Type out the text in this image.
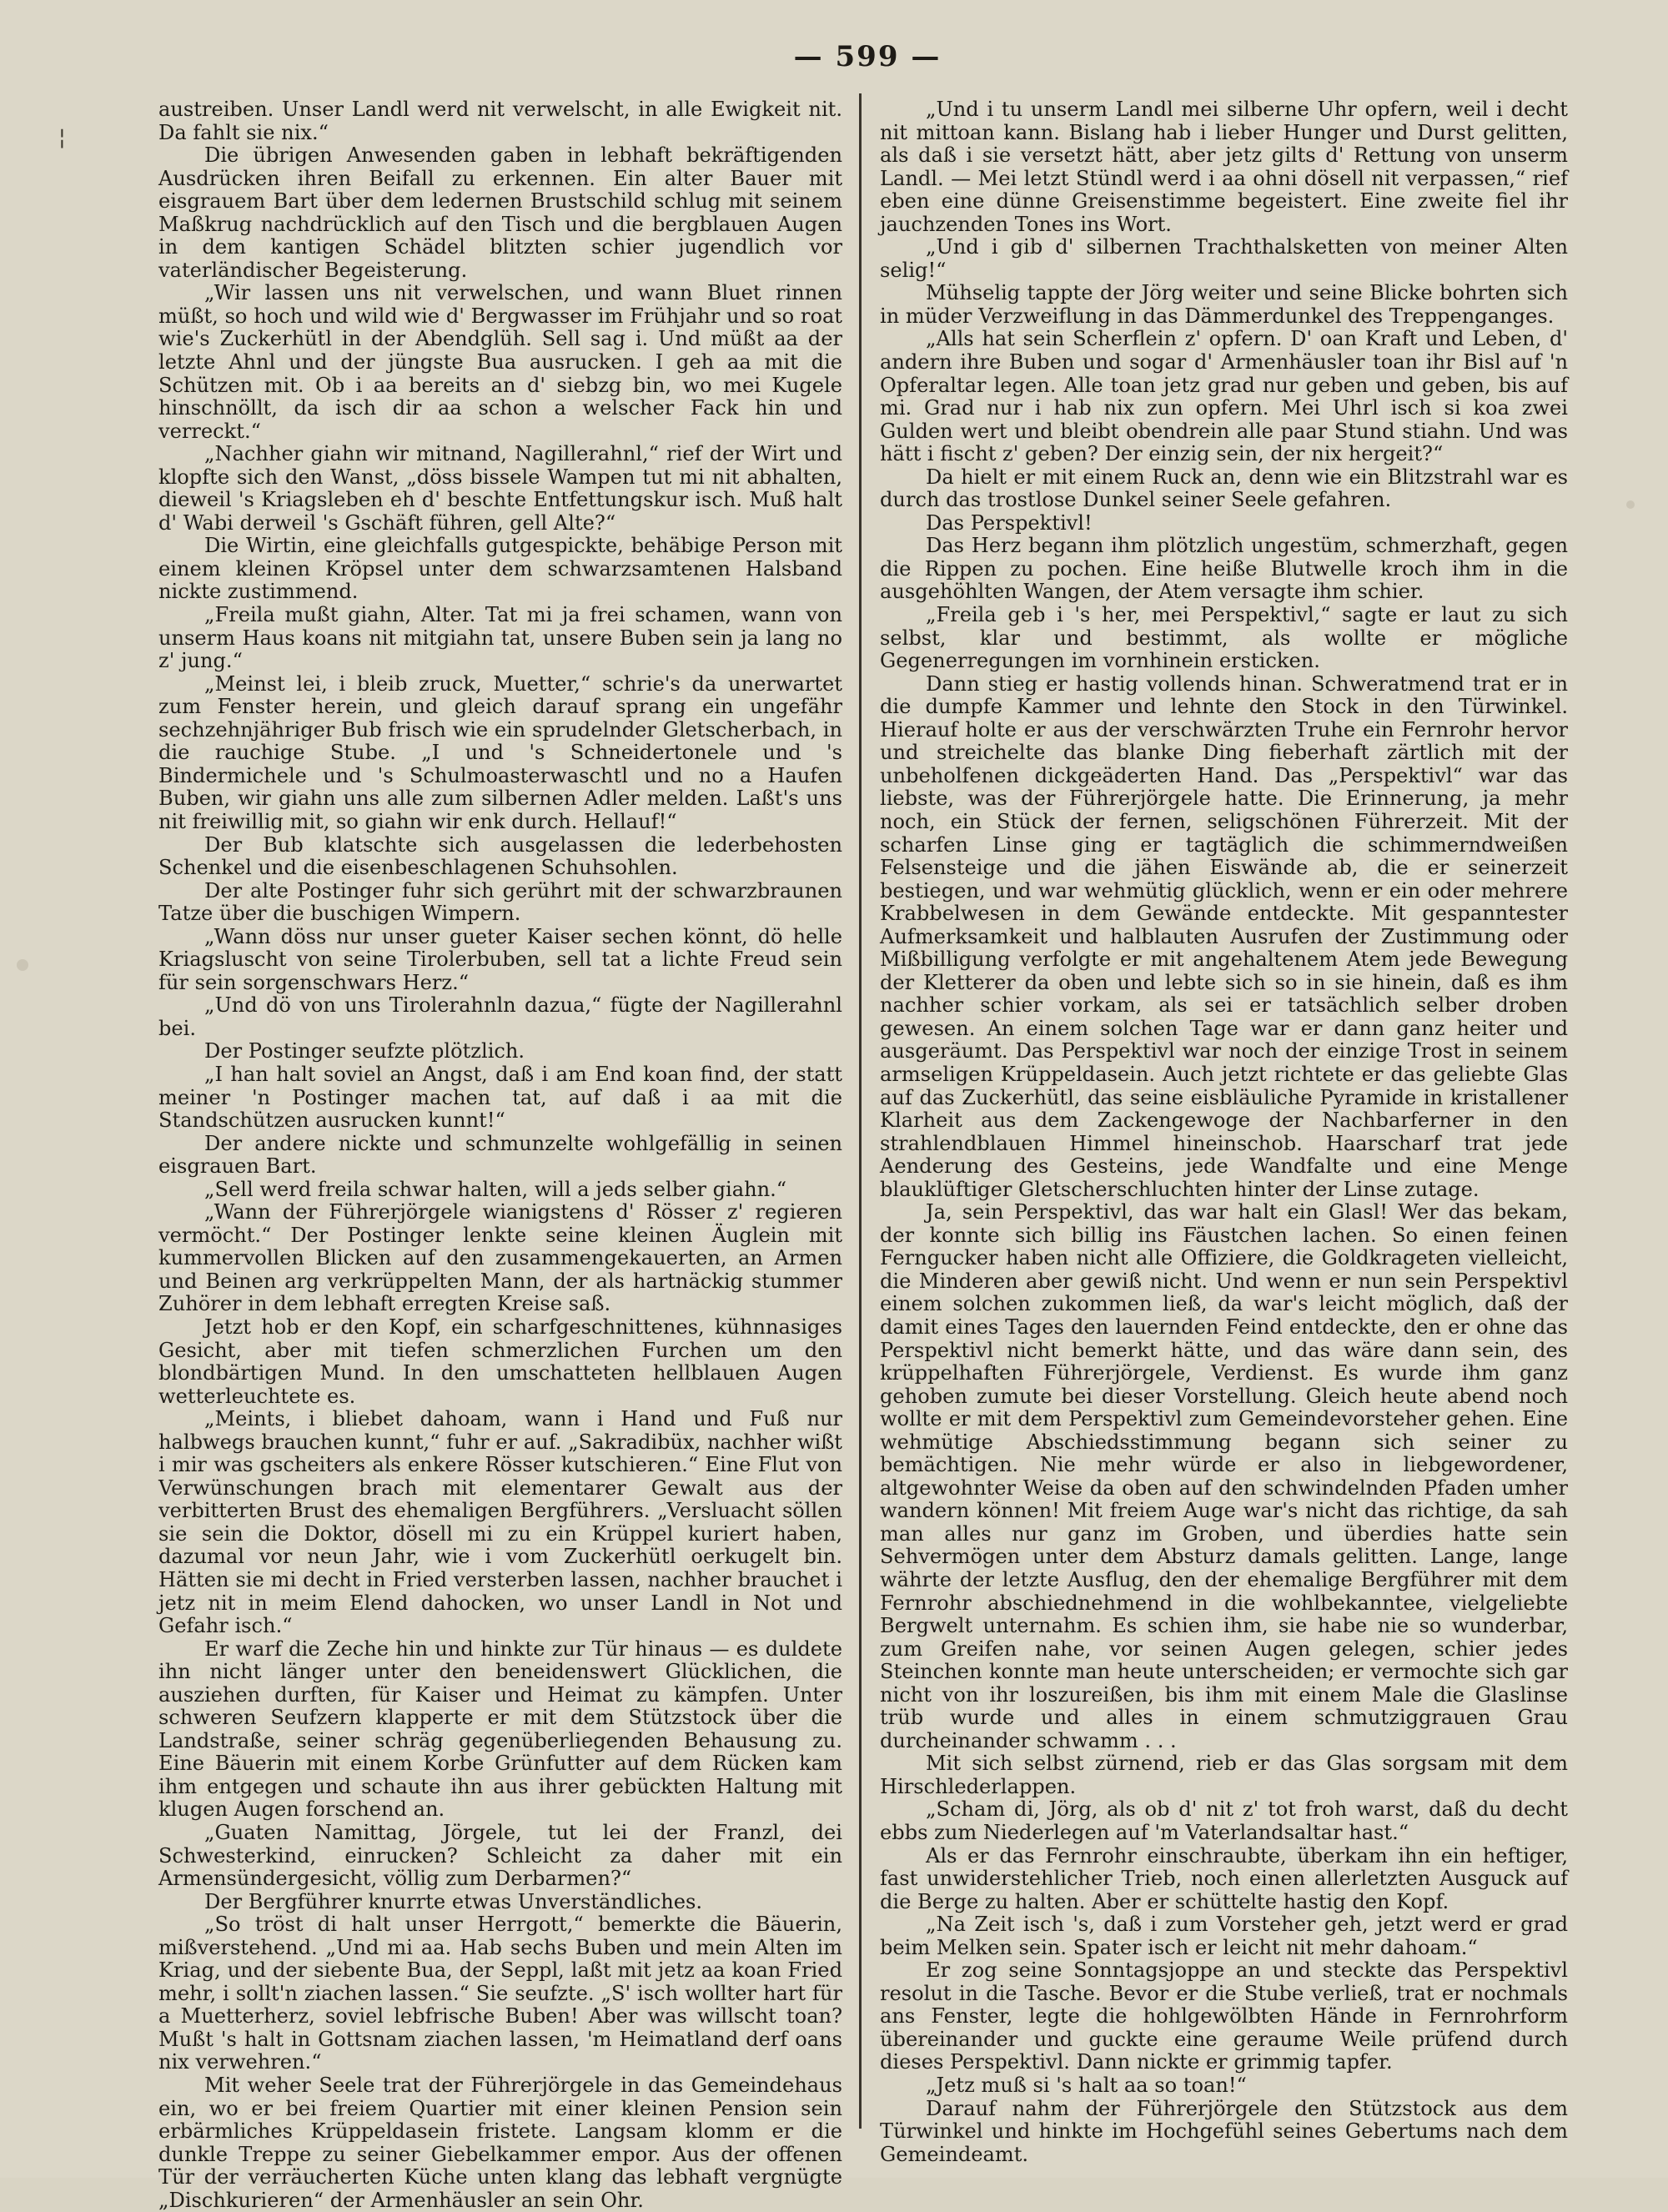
— 599 —
¦

austreiben. Unser Landl werd nit verwelscht, in alle Ewigkeit nit. Da fahlt sie nix.“

Die übrigen Anwesenden gaben in lebhaft bekräftigenden Ausdrücken ihren Beifall zu erkennen. Ein alter Bauer mit eisgrauem Bart über dem ledernen Brustschild schlug mit seinem Maßkrug nachdrücklich auf den Tisch und die bergblauen Augen in dem kantigen Schädel blitzten schier jugendlich vor vaterländischer Begeisterung.

„Wir lassen uns nit verwelschen, und wann Bluet rinnen müßt, so hoch und wild wie d' Bergwasser im Frühjahr und so roat wie's Zuckerhütl in der Abendglüh. Sell sag i. Und müßt aa der letzte Ahnl und der jüngste Bua ausrucken. I geh aa mit die Schützen mit. Ob i aa bereits an d' siebzg bin, wo mei Kugele hinschnöllt, da isch dir aa schon a welscher Fack hin und verreckt.“

„Nachher giahn wir mitnand, Nagillerahnl,“ rief der Wirt und klopfte sich den Wanst, „döss bissele Wampen tut mi nit abhalten, dieweil 's Kriagsleben eh d' beschte Entfettungskur isch. Muß halt d' Wabi derweil 's Gschäft führen, gell Alte?“

Die Wirtin, eine gleichfalls gutgespickte, behäbige Person mit einem kleinen Kröpsel unter dem schwarzsamtenen Halsband nickte zustimmend.

„Freila mußt giahn, Alter. Tat mi ja frei schamen, wann von unserm Haus koans nit mitgiahn tat, unsere Buben sein ja lang no z' jung.“

„Meinst lei, i bleib zruck, Muetter,“ schrie's da unerwartet zum Fenster herein, und gleich darauf sprang ein ungefähr sechzehnjähriger Bub frisch wie ein sprudelnder Gletscherbach, in die rauchige Stube. „I und 's Schneidertonele und 's Bindermichele und 's Schulmoasterwaschtl und no a Haufen Buben, wir giahn uns alle zum silbernen Adler melden. Laßt's uns nit freiwillig mit, so giahn wir enk durch. Hellauf!“

Der Bub klatschte sich ausgelassen die lederbehosten Schenkel und die eisenbeschlagenen Schuhsohlen.

Der alte Postinger fuhr sich gerührt mit der schwarzbraunen Tatze über die buschigen Wimpern.

„Wann döss nur unser gueter Kaiser sechen könnt, dö helle Kriagsluscht von seine Tirolerbuben, sell tat a lichte Freud sein für sein sorgenschwars Herz.“

„Und dö von uns Tirolerahnln dazua,“ fügte der Nagillerahnl bei.

Der Postinger seufzte plötzlich.

„I han halt soviel an Angst, daß i am End koan find, der statt meiner 'n Postinger machen tat, auf daß i aa mit die Standschützen ausrucken kunnt!“

Der andere nickte und schmunzelte wohlgefällig in seinen eisgrauen Bart.

„Sell werd freila schwar halten, will a jeds selber giahn.“

„Wann der Führerjörgele wianigstens d' Rösser z' regieren vermöcht.“ Der Postinger lenkte seine kleinen Äuglein mit kummervollen Blicken auf den zusammengekauerten, an Armen und Beinen arg verkrüppelten Mann, der als hartnäckig stummer Zuhörer in dem lebhaft erregten Kreise saß.

Jetzt hob er den Kopf, ein scharfgeschnittenes, kühnnasiges Gesicht, aber mit tiefen schmerzlichen Furchen um den blondbärtigen Mund. In den umschatteten hellblauen Augen wetterleuchtete es.

„Meints, i bliebet dahoam, wann i Hand und Fuß nur halbwegs brauchen kunnt,“ fuhr er auf. „Sakradibüx, nachher wißt i mir was gscheiters als enkere Rösser kutschieren.“ Eine Flut von Verwünschungen brach mit elementarer Gewalt aus der verbitterten Brust des ehemaligen Bergführers. „Versluacht söllen sie sein die Doktor, dösell mi zu ein Krüppel kuriert haben, dazumal vor neun Jahr, wie i vom Zuckerhütl oerkugelt bin. Hätten sie mi decht in Fried versterben lassen, nachher brauchet i jetz nit in meim Elend dahocken, wo unser Landl in Not und Gefahr isch.“

Er warf die Zeche hin und hinkte zur Tür hinaus — es duldete ihn nicht länger unter den beneidenswert Glücklichen, die ausziehen durften, für Kaiser und Heimat zu kämpfen. Unter schweren Seufzern klapperte er mit dem Stützstock über die Landstraße, seiner schräg gegenüberliegenden Behausung zu. Eine Bäuerin mit einem Korbe Grünfutter auf dem Rücken kam ihm entgegen und schaute ihn aus ihrer gebückten Haltung mit klugen Augen forschend an.

„Guaten Namittag, Jörgele, tut lei der Franzl, dei Schwesterkind, einrucken? Schleicht za daher mit ein Armensündergesicht, völlig zum Derbarmen?“

Der Bergführer knurrte etwas Unverständliches.

„So tröst di halt unser Herrgott,“ bemerkte die Bäuerin, mißverstehend. „Und mi aa. Hab sechs Buben und mein Alten im Kriag, und der siebente Bua, der Seppl, laßt mit jetz aa koan Fried mehr, i sollt'n ziachen lassen.“ Sie seufzte. „S' isch wollter hart für a Muetterherz, soviel lebfrische Buben! Aber was willscht toan? Mußt 's halt in Gottsnam ziachen lassen, 'm Heimatland derf oans nix verwehren.“

Mit weher Seele trat der Führerjörgele in das Gemeindehaus ein, wo er bei freiem Quartier mit einer kleinen Pension sein erbärmliches Krüppeldasein fristete. Langsam klomm er die dunkle Treppe zu seiner Giebelkammer empor. Aus der offenen Tür der verräucherten Küche unten klang das lebhaft vergnügte „Dischkurieren“ der Armenhäusler an sein Ohr.

„Und i tu unserm Landl mei silberne Uhr opfern, weil i decht nit mittoan kann. Bislang hab i lieber Hunger und Durst gelitten, als daß i sie versetzt hätt, aber jetz gilts d' Rettung von unserm Landl. — Mei letzt Stündl werd i aa ohni dösell nit verpassen,“ rief eben eine dünne Greisenstimme begeistert. Eine zweite fiel ihr jauchzenden Tones ins Wort.

„Und i gib d' silbernen Trachthalsketten von meiner Alten selig!“

Mühselig tappte der Jörg weiter und seine Blicke bohrten sich in müder Verzweiflung in das Dämmerdunkel des Treppenganges.

„Alls hat sein Scherflein z' opfern. D' oan Kraft und Leben, d' andern ihre Buben und sogar d' Armenhäusler toan ihr Bisl auf 'n Opferaltar legen. Alle toan jetz grad nur geben und geben, bis auf mi. Grad nur i hab nix zun opfern. Mei Uhrl isch si koa zwei Gulden wert und bleibt obendrein alle paar Stund stiahn. Und was hätt i fischt z' geben? Der einzig sein, der nix hergeit?“

Da hielt er mit einem Ruck an, denn wie ein Blitzstrahl war es durch das trostlose Dunkel seiner Seele gefahren.

Das Perspektivl!

Das Herz begann ihm plötzlich ungestüm, schmerzhaft, gegen die Rippen zu pochen. Eine heiße Blutwelle kroch ihm in die ausgehöhlten Wangen, der Atem versagte ihm schier.

„Freila geb i 's her, mei Perspektivl,“ sagte er laut zu sich selbst, klar und bestimmt, als wollte er mögliche Gegenerregungen im vornhinein ersticken.

Dann stieg er hastig vollends hinan. Schweratmend trat er in die dumpfe Kammer und lehnte den Stock in den Türwinkel. Hierauf holte er aus der verschwärzten Truhe ein Fernrohr hervor und streichelte das blanke Ding fieberhaft zärtlich mit der unbeholfenen dickgeäderten Hand. Das „Perspektivl“ war das liebste, was der Führerjörgele hatte. Die Erinnerung, ja mehr noch, ein Stück der fernen, seligschönen Führerzeit. Mit der scharfen Linse ging er tagtäglich die schimmerndweißen Felsensteige und die jähen Eiswände ab, die er seinerzeit bestiegen, und war wehmütig glücklich, wenn er ein oder mehrere Krabbelwesen in dem Gewände entdeckte. Mit gespanntester Aufmerksamkeit und halblauten Ausrufen der Zustimmung oder Mißbilligung verfolgte er mit angehaltenem Atem jede Bewegung der Kletterer da oben und lebte sich so in sie hinein, daß es ihm nachher schier vorkam, als sei er tatsächlich selber droben gewesen. An einem solchen Tage war er dann ganz heiter und ausgeräumt. Das Perspektivl war noch der einzige Trost in seinem armseligen Krüppeldasein. Auch jetzt richtete er das geliebte Glas auf das Zuckerhütl, das seine eisbläuliche Pyramide in kristallener Klarheit aus dem Zackengewoge der Nachbarferner in den strahlendblauen Himmel hineinschob. Haarscharf trat jede Aenderung des Gesteins, jede Wandfalte und eine Menge blauklüftiger Gletscherschluchten hinter der Linse zutage.

Ja, sein Perspektivl, das war halt ein Glasl! Wer das bekam, der konnte sich billig ins Fäustchen lachen. So einen feinen Ferngucker haben nicht alle Offiziere, die Goldkrageten vielleicht, die Minderen aber gewiß nicht. Und wenn er nun sein Perspektivl einem solchen zukommen ließ, da war's leicht möglich, daß der damit eines Tages den lauernden Feind entdeckte, den er ohne das Perspektivl nicht bemerkt hätte, und das wäre dann sein, des krüppelhaften Führerjörgele, Verdienst. Es wurde ihm ganz gehoben zumute bei dieser Vorstellung. Gleich heute abend noch wollte er mit dem Perspektivl zum Gemeindevorsteher gehen. Eine wehmütige Abschiedsstimmung begann sich seiner zu bemächtigen. Nie mehr würde er also in liebgewordener, altgewohnter Weise da oben auf den schwindelnden Pfaden umher wandern können! Mit freiem Auge war's nicht das richtige, da sah man alles nur ganz im Groben, und überdies hatte sein Sehvermögen unter dem Absturz damals gelitten. Lange, lange währte der letzte Ausflug, den der ehemalige Bergführer mit dem Fernrohr abschiednehmend in die wohlbekanntee, vielgeliebte Bergwelt unternahm. Es schien ihm, sie habe nie so wunderbar, zum Greifen nahe, vor seinen Augen gelegen, schier jedes Steinchen konnte man heute unterscheiden; er vermochte sich gar nicht von ihr loszureißen, bis ihm mit einem Male die Glaslinse trüb wurde und alles in einem schmutziggrauen Grau durcheinander schwamm . . .

Mit sich selbst zürnend, rieb er das Glas sorgsam mit dem Hirschlederlappen.

„Scham di, Jörg, als ob d' nit z' tot froh warst, daß du decht ebbs zum Niederlegen auf 'm Vaterlandsaltar hast.“

Als er das Fernrohr einschraubte, überkam ihn ein heftiger, fast unwiderstehlicher Trieb, noch einen allerletzten Ausguck auf die Berge zu halten. Aber er schüttelte hastig den Kopf.

„Na Zeit isch 's, daß i zum Vorsteher geh, jetzt werd er grad beim Melken sein. Spater isch er leicht nit mehr dahoam.“

Er zog seine Sonntagsjoppe an und steckte das Perspektivl resolut in die Tasche. Bevor er die Stube verließ, trat er nochmals ans Fenster, legte die hohlgewölbten Hände in Fernrohrform übereinander und guckte eine geraume Weile prüfend durch dieses Perspektivl. Dann nickte er grimmig tapfer.

„Jetz muß si 's halt aa so toan!“

Darauf nahm der Führerjörgele den Stützstock aus dem Türwinkel und hinkte im Hochgefühl seines Gebertums nach dem Gemeindeamt.
